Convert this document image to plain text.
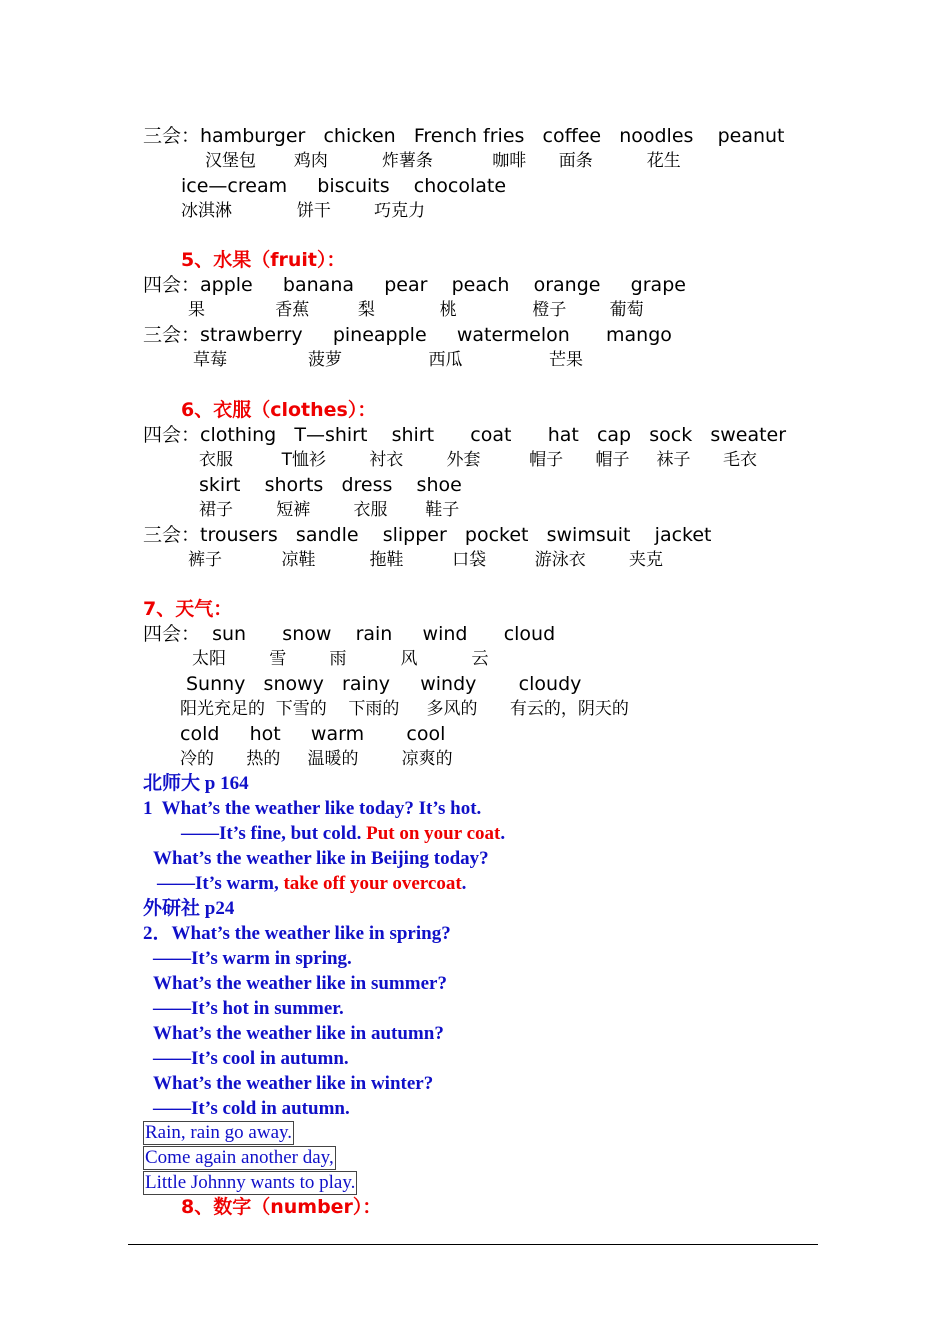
三会：hamburger   chicken   French fries   coffee   noodles    peanut
汉堡包       鸡肉          炸薯条           咖啡      面条          花生
ice—cream     biscuits    chocolate
冰淇淋            饼干        巧克力
5、水果（fruit）：
四会：apple     banana     pear    peach    orange     grape
果             香蕉         梨            桃              橙子        葡萄
三会：strawberry     pineapple     watermelon      mango
草莓               菠萝                西瓜                芒果
6、衣服（clothes）：
四会：clothing   T—shirt    shirt      coat      hat   cap   sock   sweater
衣服         T恤衫        衬衣        外套         帽子      帽子     袜子      毛衣
skirt    shorts   dress    shoe
裙子        短裤        衣服       鞋子
三会：trousers   sandle    slipper   pocket   swimsuit    jacket
裤子           凉鞋          拖鞋         口袋         游泳衣        夹克
7、天气：
四会：  sun      snow    rain     wind      cloud
太阳        雪        雨          风          云
Sunny   snowy   rainy     windy       cloudy
阳光充足的  下雪的    下雨的     多风的      有云的，阴天的
cold     hot     warm       cool
冷的      热的     温暖的        凉爽的
北师大 p 164
1  What’s the weather like today? It’s hot.
——It’s fine, but cold. Put on your coat.
What’s the weather like in Beijing today?
——It’s warm, take off your overcoat.
外研社 p24
2．What’s the weather like in spring?
——It’s warm in spring.
What’s the weather like in summer?
——It’s hot in summer.
What’s the weather like in autumn?
——It’s cool in autumn.
What’s the weather like in winter?
——It’s cold in autumn.
Rain, rain go away.
Come again another day,
Little Johnny wants to play.
8、数字（number）：
